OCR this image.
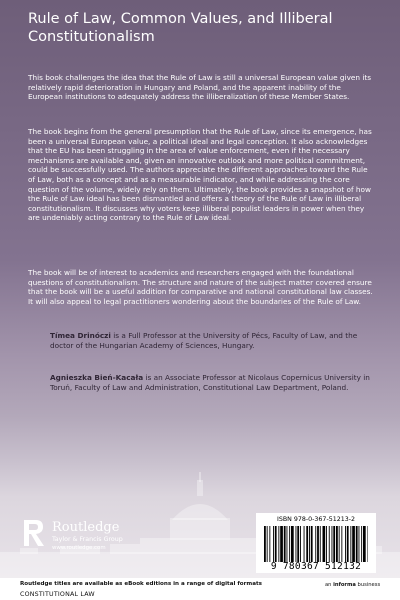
Rule of Law, Common Values, and Illiberal Constitutionalism

This book challenges the idea that the Rule of Law is still a universal European value given its relatively rapid deterioration in Hungary and Poland, and the apparent inability of the European institutions to adequately address the illiberalization of these Member States.

The book begins from the general presumption that the Rule of Law, since its emergence, has been a universal European value, a political ideal and legal conception. It also acknowledges that the EU has been struggling in the area of value enforcement, even if the necessary mechanisms are available and, given an innovative outlook and more political commitment, could be successfully used. The authors appreciate the different approaches toward the Rule of Law, both as a concept and as a measurable indicator, and while addressing the core question of the volume, widely rely on them. Ultimately, the book provides a snapshot of how the Rule of Law ideal has been dismantled and offers a theory of the Rule of Law in illiberal constitutionalism. It discusses why voters keep illiberal populist leaders in power when they are undeniably acting contrary to the Rule of Law ideal.

The book will be of interest to academics and researchers engaged with the foundational questions of constitutionalism. The structure and nature of the subject matter covered ensure that the book will be a useful addition for comparative and national constitutional law classes. It will also appeal to legal practitioners wondering about the boundaries of the Rule of Law.

Tímea Drinóczi is a Full Professor at the University of Pécs, Faculty of Law, and the doctor of the Hungarian Academy of Sciences, Hungary.

Agnieszka Bień-Kacała is an Associate Professor at Nicolaus Copernicus University in Toruń, Faculty of Law and Administration, Constitutional Law Department, Poland.

Routledge
Taylor & Francis Group
www.routledge.com
ISBN 978-0-367-51213-2
9 780367 512132
Routledge titles are available as eBook editions in a range of digital formats
CONSTITUTIONAL LAW
an informa business
